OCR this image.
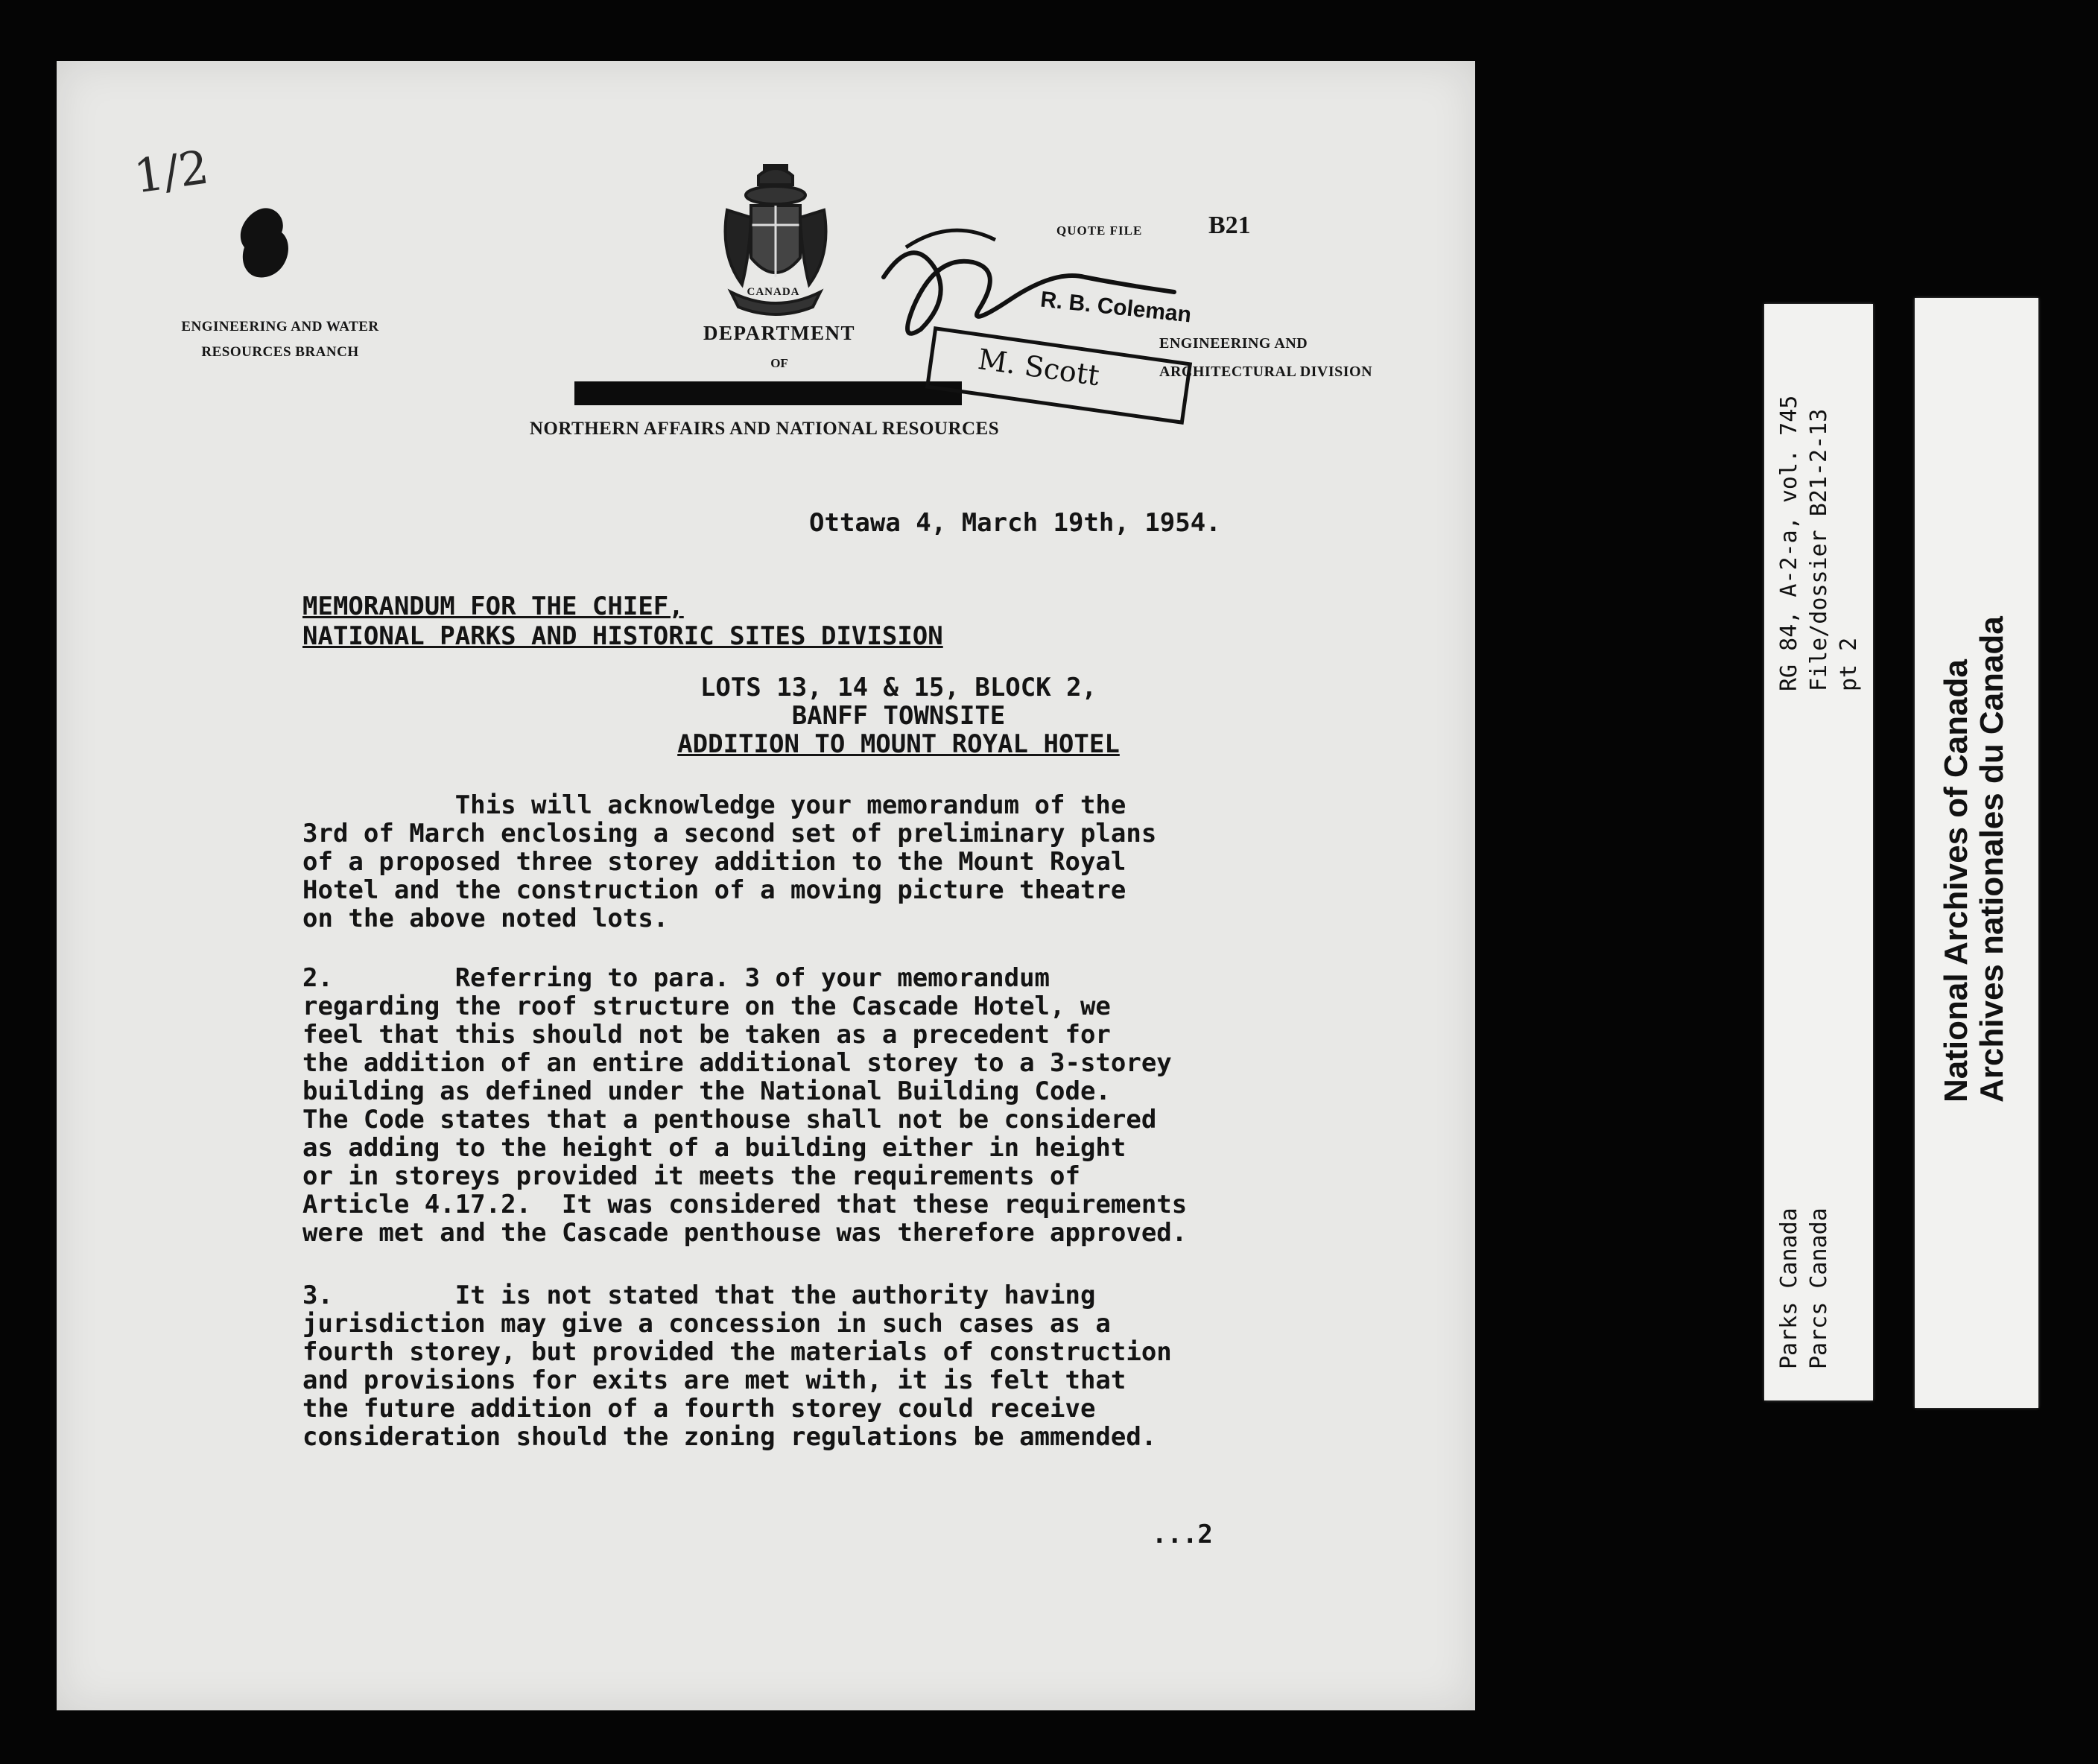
1/2
CANADA
ENGINEERING AND WATER
RESOURCES BRANCH
DEPARTMENT
OF
NORTHERN AFFAIRS AND NATIONAL RESOURCES
QUOTE FILE	B21
ENGINEERING AND
ARCHITECTURAL DIVISION
R. B. Coleman
M. Scott
Ottawa 4, March 19th, 1954.
MEMORANDUM FOR THE CHIEF,
NATIONAL PARKS AND HISTORIC SITES DIVISION
LOTS 13, 14 & 15, BLOCK 2,
BANFF TOWNSITE
ADDITION TO MOUNT ROYAL HOTEL
This will acknowledge your memorandum of the
3rd of March enclosing a second set of preliminary plans
of a proposed three storey addition to the Mount Royal
Hotel and the construction of a moving picture theatre
on the above noted lots.
2.        Referring to para. 3 of your memorandum
regarding the roof structure on the Cascade Hotel, we
feel that this should not be taken as a precedent for
the addition of an entire additional storey to a 3-storey
building as defined under the National Building Code.
The Code states that a penthouse shall not be considered
as adding to the height of a building either in height
or in storeys provided it meets the requirements of
Article 4.17.2.  It was considered that these requirements
were met and the Cascade penthouse was therefore approved.
3.        It is not stated that the authority having
jurisdiction may give a concession in such cases as a
fourth storey, but provided the materials of construction
and provisions for exits are met with, it is felt that
the future addition of a fourth storey could receive
consideration should the zoning regulations be ammended.
...2
RG 84, A-2-a, vol. 745 File/dossier B21-2-13 pt 2
Parks Canada Parcs Canada
National Archives of Canada Archives nationales du Canada
